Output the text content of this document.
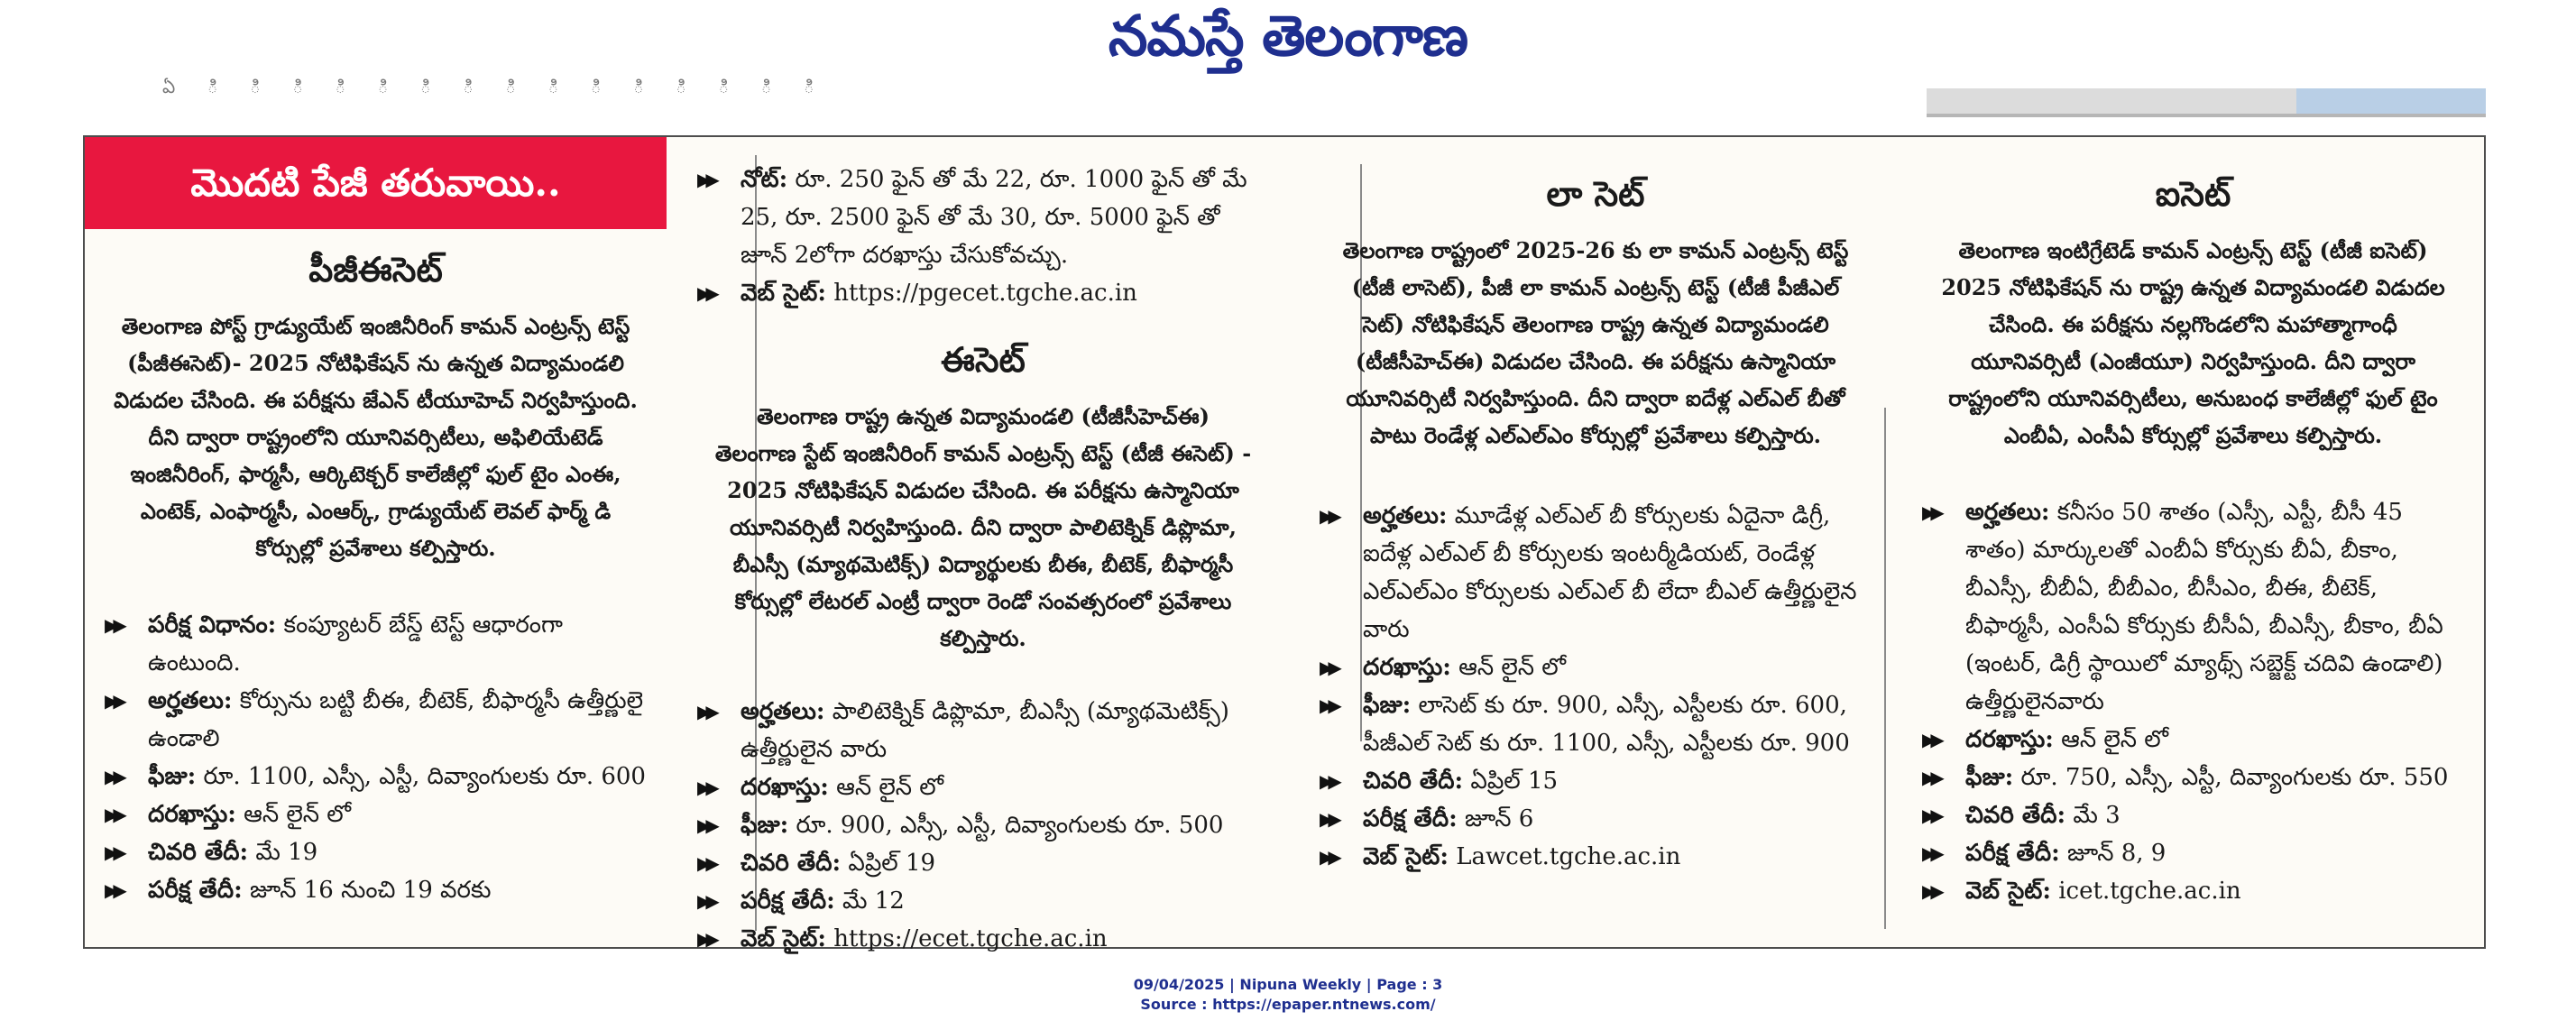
నమస్తే తెలంగాణ
ఏ ి ి ి ి ి ి ి ి ి ి ి ి ి ి ి
మొదటి పేజీ తరువాయి..
పీజీఈసెట్

తెలంగాణ పోస్ట్ గ్రాడ్యుయేట్ ఇంజినీరింగ్ కామన్ ఎంట్రన్స్ టెస్ట్ (పీజీఈసెట్)- 2025 నోటిఫికేషన్ ను ఉన్నత విద్యామండలి విడుదల చేసింది. ఈ పరీక్షను జేఎన్ టీయూహెచ్ నిర్వహిస్తుంది. దీని ద్వారా రాష్ట్రంలోని యూనివర్సిటీలు, అఫిలియేటెడ్ ఇంజినీరింగ్, ఫార్మసీ, ఆర్కిటెక్చర్ కాలేజీల్లో ఫుల్ టైం ఎంఈ, ఎంటెక్, ఎంఫార్మసీ, ఎంఆర్క్, గ్రాడ్యుయేట్ లెవల్ ఫార్మ్ డి కోర్సుల్లో ప్రవేశాలు కల్పిస్తారు.

▶▶ పరీక్ష విధానం: కంప్యూటర్ బేస్డ్ టెస్ట్ ఆధారంగా ఉంటుంది.
▶▶ అర్హతలు: కోర్సును బట్టి బీఈ, బీటెక్, బీఫార్మసీ ఉత్తీర్ణులై ఉండాలి
▶▶ ఫీజు: రూ. 1100, ఎస్సీ, ఎస్టీ, దివ్యాంగులకు రూ. 600
▶▶ దరఖాస్తు: ఆన్ లైన్ లో
▶▶ చివరి తేదీ: మే 19
▶▶ పరీక్ష తేదీ: జూన్ 16 నుంచి 19 వరకు
▶▶ నోట్: రూ. 250 ఫైన్ తో మే 22, రూ. 1000 ఫైన్ తో మే 25, రూ. 2500 ఫైన్ తో మే 30, రూ. 5000 ఫైన్ తో జూన్ 2లోగా దరఖాస్తు చేసుకోవచ్చు.
▶▶ వెబ్ సైట్: https://pgecet.tgche.ac.in
ఈసెట్

తెలంగాణ రాష్ట్ర ఉన్నత విద్యామండలి (టీజీసీహెచ్ఈ) తెలంగాణ స్టేట్ ఇంజినీరింగ్ కామన్ ఎంట్రన్స్ టెస్ట్ (టీజీ ఈసెట్) - 2025 నోటిఫికేషన్ విడుదల చేసింది. ఈ పరీక్షను ఉస్మానియా యూనివర్సిటీ నిర్వహిస్తుంది. దీని ద్వారా పాలిటెక్నిక్ డిప్లొమా, బీఎస్సీ (మ్యాథమెటిక్స్) విద్యార్థులకు బీఈ, బీటెక్, బీఫార్మసీ కోర్సుల్లో లేటరల్ ఎంట్రీ ద్వారా రెండో సంవత్సరంలో ప్రవేశాలు కల్పిస్తారు.

▶▶ అర్హతలు: పాలిటెక్నిక్ డిప్లొమా, బీఎస్సీ (మ్యాథమెటిక్స్) ఉత్తీర్ణులైన వారు
▶▶ దరఖాస్తు: ఆన్ లైన్ లో
▶▶ ఫీజు: రూ. 900, ఎస్సీ, ఎస్టీ, దివ్యాంగులకు రూ. 500
▶▶ చివరి తేదీ: ఏప్రిల్ 19
▶▶ పరీక్ష తేదీ: మే 12
▶▶ వెబ్ సైట్: https://ecet.tgche.ac.in
లా సెట్

తెలంగాణ రాష్ట్రంలో 2025-26 కు లా కామన్ ఎంట్రన్స్ టెస్ట్ (టీజీ లాసెట్), పీజీ లా కామన్ ఎంట్రన్స్ టెస్ట్ (టీజీ పీజీఎల్ సెట్) నోటిఫికేషన్ తెలంగాణ రాష్ట్ర ఉన్నత విద్యామండలి (టీజీసీహెచ్ఈ) విడుదల చేసింది. ఈ పరీక్షను ఉస్మానియా యూనివర్సిటీ నిర్వహిస్తుంది. దీని ద్వారా ఐదేళ్ల ఎల్ఎల్ బీతో పాటు రెండేళ్ల ఎల్ఎల్ఎం కోర్సుల్లో ప్రవేశాలు కల్పిస్తారు.

▶▶ అర్హతలు: మూడేళ్ల ఎల్ఎల్ బీ కోర్సులకు ఏదైనా డిగ్రీ, ఐదేళ్ల ఎల్ఎల్ బీ కోర్సులకు ఇంటర్మీడియట్, రెండేళ్ల ఎల్ఎల్ఎం కోర్సులకు ఎల్ఎల్ బీ లేదా బీఎల్ ఉత్తీర్ణులైన వారు
▶▶ దరఖాస్తు: ఆన్ లైన్ లో
▶▶ ఫీజు: లాసెట్ కు రూ. 900, ఎస్సీ, ఎస్టీలకు రూ. 600, పీజీఎల్ సెట్ కు రూ. 1100, ఎస్సీ, ఎస్టీలకు రూ. 900
▶▶ చివరి తేదీ: ఏప్రిల్ 15
▶▶ పరీక్ష తేదీ: జూన్ 6
▶▶ వెబ్ సైట్: Lawcet.tgche.ac.in
ఐసెట్

తెలంగాణ ఇంటిగ్రేటెడ్ కామన్ ఎంట్రన్స్ టెస్ట్ (టీజీ ఐసెట్) 2025 నోటిఫికేషన్ ను రాష్ట్ర ఉన్నత విద్యామండలి విడుదల చేసింది. ఈ పరీక్షను నల్లగొండలోని మహాత్మాగాంధీ యూనివర్సిటీ (ఎంజీయూ) నిర్వహిస్తుంది. దీని ద్వారా రాష్ట్రంలోని యూనివర్సిటీలు, అనుబంధ కాలేజీల్లో ఫుల్ టైం ఎంబీఏ, ఎంసీఏ కోర్సుల్లో ప్రవేశాలు కల్పిస్తారు.

▶▶ అర్హతలు: కనీసం 50 శాతం (ఎస్సీ, ఎస్టీ, బీసీ 45 శాతం) మార్కులతో ఎంబీఏ కోర్సుకు బీఏ, బీకాం, బీఎస్సీ, బీబీఏ, బీబీఎం, బీసీఎం, బీఈ, బీటెక్, బీఫార్మసీ, ఎంసీఏ కోర్సుకు బీసీఏ, బీఎస్సీ, బీకాం, బీఏ (ఇంటర్, డిగ్రీ స్థాయిలో మ్యాథ్స్ సబ్జెక్ట్ చదివి ఉండాలి) ఉత్తీర్ణులైనవారు
▶▶ దరఖాస్తు: ఆన్ లైన్ లో
▶▶ ఫీజు: రూ. 750, ఎస్సీ, ఎస్టీ, దివ్యాంగులకు రూ. 550
▶▶ చివరి తేదీ: మే 3
▶▶ పరీక్ష తేదీ: జూన్ 8, 9
▶▶ వెబ్ సైట్: icet.tgche.ac.in
09/04/2025 | Nipuna Weekly | Page : 3
Source : https://epaper.ntnews.com/
